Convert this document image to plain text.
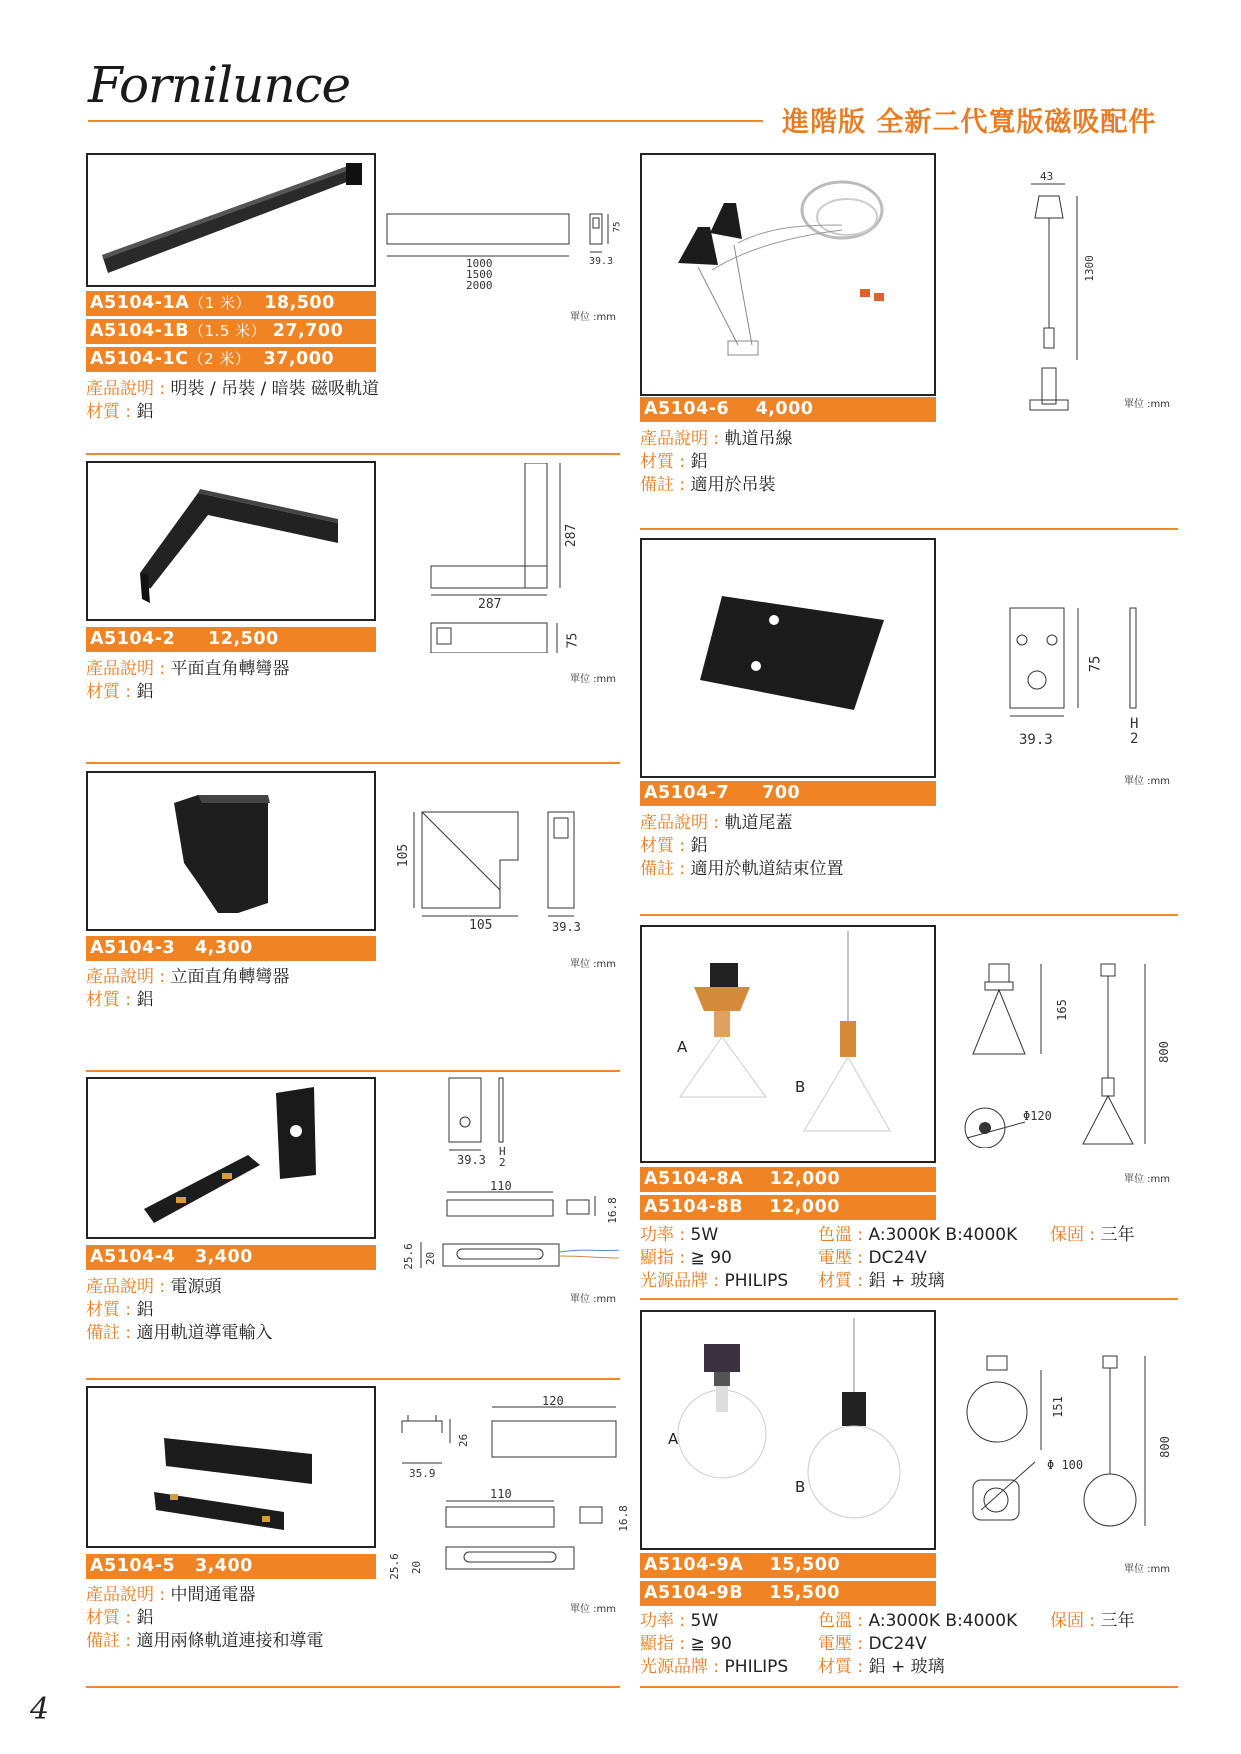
Fornilunce
進階版 全新二代寬版磁吸配件
1000
1500
2000
75
39.3
單位 :mm
A5104-1A（1 米） 18,500
A5104-1B（1.5 米） 27,700
A5104-1C（2 米） 37,000
產品說明 : 明裝 / 吊裝 / 暗裝 磁吸軌道
材質 : 鋁
287
287
75
單位 :mm
A5104-2 12,500
產品說明 : 平面直角轉彎器
材質 : 鋁
105
105	39.3
單位 :mm
A5104-3 4,300
產品說明 : 立面直角轉彎器
材質 : 鋁
39.3
H
2
110
16.8
25.6 20
單位 :mm
A5104-4 3,400
產品說明 : 電源頭
材質 : 鋁
備註 : 適用軌道導電輸入
120
26
35.9
110
16.8
25.6 20
單位 :mm
A5104-5 3,400
產品說明 : 中間通電器
材質 : 鋁
備註 : 適用兩條軌道連接和導電
43
1300
單位 :mm
A5104-6 4,000
產品說明 : 軌道吊線
材質 : 鋁
備註 : 適用於吊裝
75
39.3
H
2
單位 :mm
A5104-7 700
產品說明 : 軌道尾蓋
材質 : 鋁
備註 : 適用於軌道結束位置
A
B
165
Φ120
800
單位 :mm
A5104-8A 12,000
A5104-8B 12,000
功率 : 5W
顯指 : ≧ 90
光源品牌 : PHILIPS
色溫 : A:3000K B:4000K
電壓 : DC24V
材質 : 鋁 + 玻璃
保固 : 三年
A
B
151
Φ 100
800
單位 :mm
A5104-9A 15,500
A5104-9B 15,500
功率 : 5W
顯指 : ≧ 90
光源品牌 : PHILIPS
色溫 : A:3000K B:4000K
電壓 : DC24V
材質 : 鋁 + 玻璃
保固 : 三年
4
